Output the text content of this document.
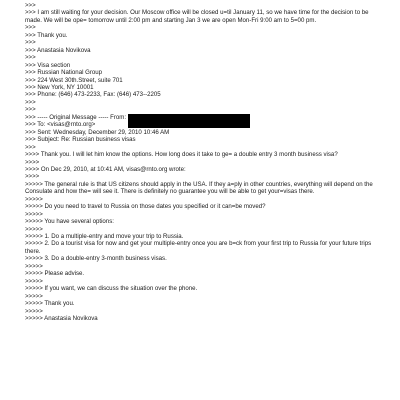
>>>
>>> I am still waiting for your decision. Our Moscow office will be closed u=til January 11, so we have time for the decision to be made. We will be ope= tomorrow until 2:00 pm and starting Jan 3 we are open Mon-Fri 9:00 am to 5=00 pm.
>>>
>>> Thank you.
>>>
>>> Anastasia Novikova
>>>
>>> Visa section
>>> Russian National Group
>>> 224 West 30th.Street, suite 701
>>> New York, NY 10001
>>> Phone: (646) 473-2233, Fax: (646) 473--2205
>>>
>>>
>>> ----- Original Message ----- From:
>>> To: <visas@rnto.org>
>>> Sent: Wednesday, December 29, 2010 10:46 AM
>>> Subject: Re: Russian business visas
>>>
>>>> Thank you. I will let him know the options. How long does it take to ge= a double entry 3 month business visa?
>>>>
>>>> On Dec 29, 2010, at 10:41 AM, visas@rnto.org wrote:
>>>>
>>>>> The general rule is that US citizens should apply in the USA. If they a=ply in other countries, everything will depend on the Consulate and how the= will see it. There is definitely no guarantee you will be able to get your=visas there.
>>>>>
>>>>> Do you need to travel to Russia on those dates you specified or it can=be moved?
>>>>>
>>>>> You have several options:
>>>>>
>>>>> 1. Do a multiple-entry and move your trip to Russia.
>>>>> 2. Do a tourist visa for now and get your multiple-entry once you are b=ck from your first trip to Russia for your future trips there.
>>>>> 3. Do a double-entry 3-month business visas.
>>>>>
>>>>> Please advise.
>>>>>
>>>>> If you want, we can discuss the situation over the phone.
>>>>>
>>>>> Thank you.
>>>>>
>>>>> Anastasia Novikova
